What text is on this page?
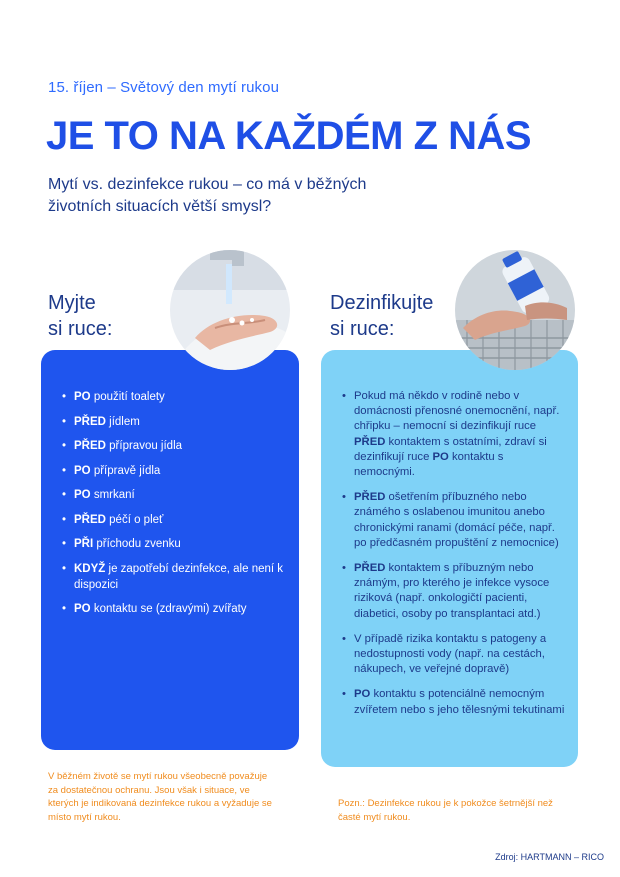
15. říjen – Světový den mytí rukou
JE TO NA KAŽDÉM Z NÁS

Mytí vs. dezinfekce rukou – co má v běžných životních situacích větší smysl?

Myjte
si ruce:
• PO použití toalety
• PŘED jídlem
• PŘED přípravou jídla
• PO přípravě jídla
• PO smrkaní
• PŘED péčí o pleť
• PŘI příchodu zvenku
• KDYŽ je zapotřebí dezinfekce, ale není k dispozici
• PO kontaktu se (zdravými) zvířaty

V běžném životě se mytí rukou všeobecně považuje za dostatečnou ochranu. Jsou však i situace, ve kterých je indikovaná dezinfekce rukou a vyžaduje se místo mytí rukou.

Dezinfikujte
si ruce:
• Pokud má někdo v rodině nebo v domácnosti přenosné onemocnění, např. chřipku – nemocní si dezinfikují ruce PŘED kontaktem s ostatními, zdraví si dezinfikují ruce PO kontaktu s nemocnými.
• PŘED ošetřením příbuzného nebo známého s oslabenou imunitou anebo chronickými ranami (domácí péče, např. po předčasném propuštění z nemocnice)
• PŘED kontaktem s příbuzným nebo známým, pro kterého je infekce vysoce riziková (např. onkologičtí pacienti, diabetici, osoby po transplantaci atd.)
• V případě rizika kontaktu s patogeny a nedostupnosti vody (např. na cestách, nákupech, ve veřejné dopravě)
• PO kontaktu s potenciálně nemocným zvířetem nebo s jeho tělesnými tekutinami

Pozn.: Dezinfekce rukou je k pokožce šetrnější než časté mytí rukou.

Zdroj: HARTMANN – RICO
